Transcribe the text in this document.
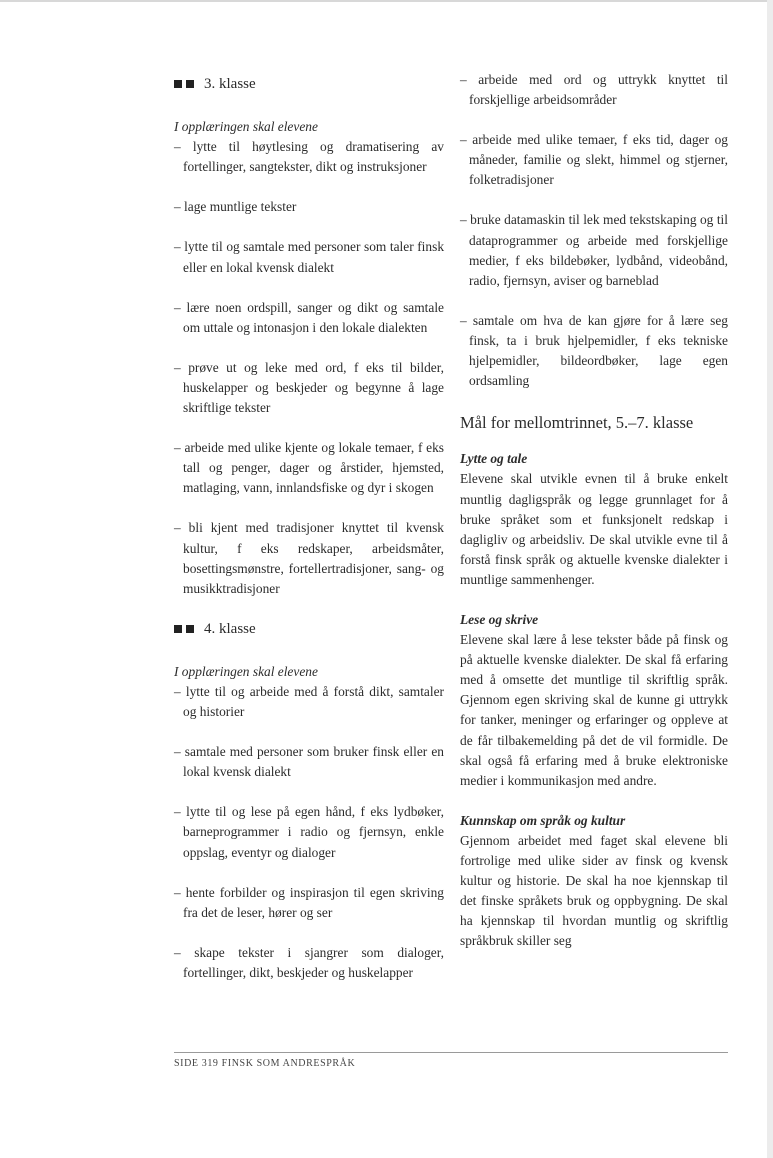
3. klasse
I opplæringen skal elevene
– lytte til høytlesing og dramatisering av fortellinger, sangtekster, dikt og instruksjoner
– lage muntlige tekster
– lytte til og samtale med personer som taler finsk eller en lokal kvensk dialekt
– lære noen ordspill, sanger og dikt og samtale om uttale og intonasjon i den lokale dialekten
– prøve ut og leke med ord, f eks til bilder, huskelapper og beskjeder og begynne å lage skriftlige tekster
– arbeide med ulike kjente og lokale temaer, f eks tall og penger, dager og årstider, hjemsted, matlaging, vann, innlandsfiske og dyr i skogen
– bli kjent med tradisjoner knyttet til kvensk kultur, f eks redskaper, arbeidsmåter, bosettingsmønstre, fortellertradisjoner, sang- og musikktradisjoner
4. klasse
I opplæringen skal elevene
– lytte til og arbeide med å forstå dikt, samtaler og historier
– samtale med personer som bruker finsk eller en lokal kvensk dialekt
– lytte til og lese på egen hånd, f eks lydbøker, barneprogrammer i radio og fjernsyn, enkle oppslag, eventyr og dialoger
– hente forbilder og inspirasjon til egen skriving fra det de leser, hører og ser
– skape tekster i sjangrer som dialoger, fortellinger, dikt, beskjeder og huskelapper
– arbeide med ord og uttrykk knyttet til forskjellige arbeidsområder
– arbeide med ulike temaer, f eks tid, dager og måneder, familie og slekt, himmel og stjerner, folketradisjoner
– bruke datamaskin til lek med tekstskaping og til dataprogrammer og arbeide med forskjellige medier, f eks bildebøker, lydbånd, videobånd, radio, fjernsyn, aviser og barneblad
– samtale om hva de kan gjøre for å lære seg finsk, ta i bruk hjelpemidler, f eks tekniske hjelpemidler, bildeordbøker, lage egen ordsamling
Mål for mellomtrinnet, 5.–7. klasse
Lytte og tale
Elevene skal utvikle evnen til å bruke enkelt muntlig dagligspråk og legge grunnlaget for å bruke språket som et funksjonelt redskap i dagligliv og arbeidsliv. De skal utvikle evne til å forstå finsk språk og aktuelle kvenske dialekter i muntlige sammenhenger.
Lese og skrive
Elevene skal lære å lese tekster både på finsk og på aktuelle kvenske dialekter. De skal få erfaring med å omsette det muntlige til skriftlig språk. Gjennom egen skriving skal de kunne gi uttrykk for tanker, meninger og erfaringer og oppleve at de får tilbakemelding på det de vil formidle. De skal også få erfaring med å bruke elektroniske medier i kommunikasjon med andre.
Kunnskap om språk og kultur
Gjennom arbeidet med faget skal elevene bli fortrolige med ulike sider av finsk og kvensk kultur og historie. De skal ha noe kjennskap til det finske språkets bruk og oppbygning. De skal ha kjennskap til hvordan muntlig og skriftlig språkbruk skiller seg
SIDE 319 FINSK SOM ANDRESPRÅK
